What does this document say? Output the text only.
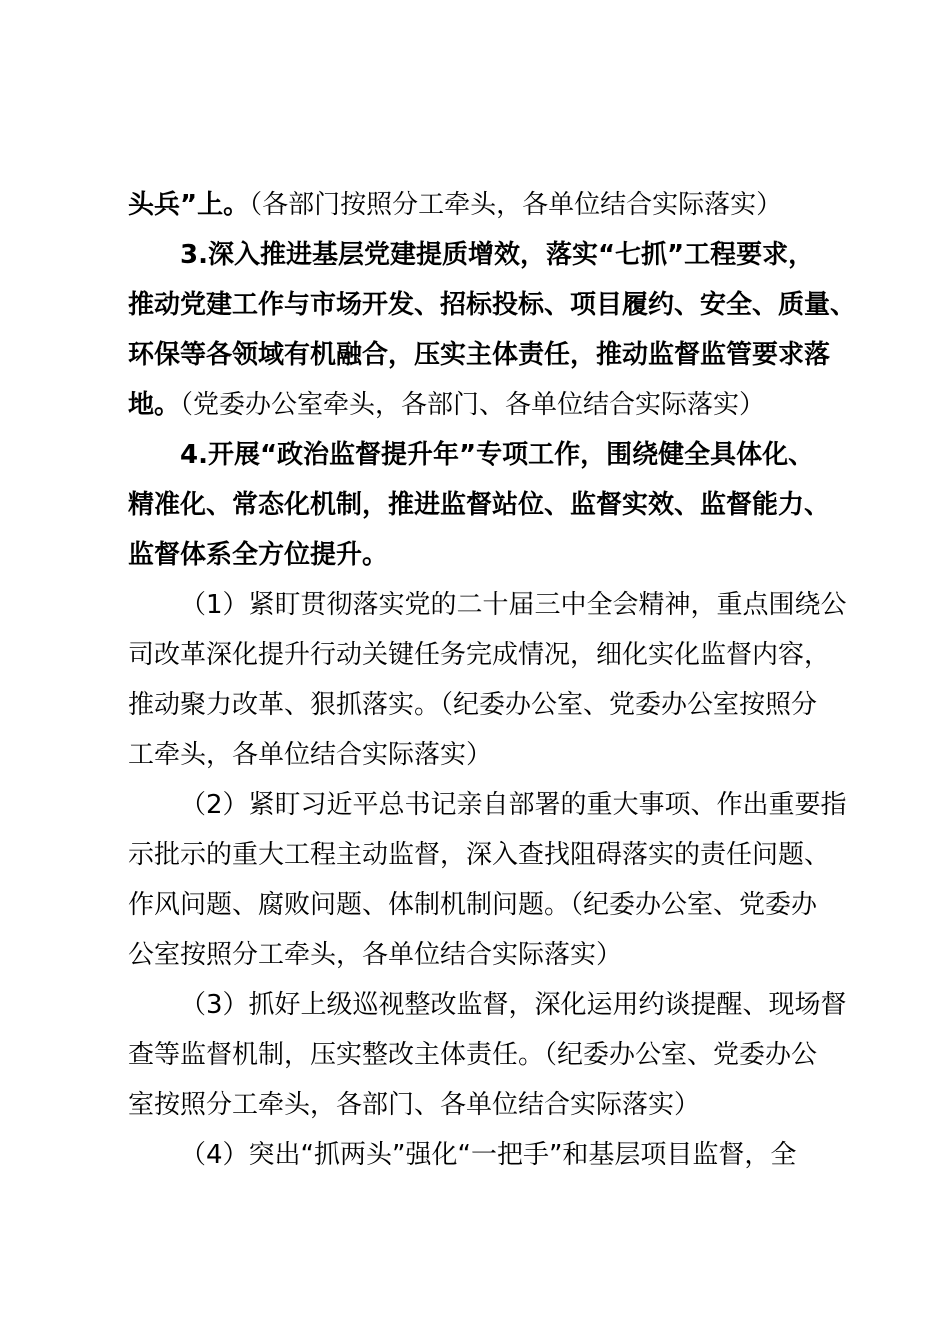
头兵”上。（各部门按照分工牵头，各单位结合实际落实）
3.深入推进基层党建提质增效，落实“七抓”工程要求，
推动党建工作与市场开发、招标投标、项目履约、安全、质量、
环保等各领域有机融合，压实主体责任，推动监督监管要求落
地。（党委办公室牵头，各部门、各单位结合实际落实）
4.开展“政治监督提升年”专项工作，围绕健全具体化、
精准化、常态化机制，推进监督站位、监督实效、监督能力、
监督体系全方位提升。
（1）紧盯贯彻落实党的二十届三中全会精神，重点围绕公
司改革深化提升行动关键任务完成情况，细化实化监督内容，
推动聚力改革、狠抓落实。（纪委办公室、党委办公室按照分
工牵头，各单位结合实际落实）
（2）紧盯习近平总书记亲自部署的重大事项、作出重要指
示批示的重大工程主动监督，深入查找阻碍落实的责任问题、
作风问题、腐败问题、体制机制问题。（纪委办公室、党委办
公室按照分工牵头，各单位结合实际落实）
（3）抓好上级巡视整改监督，深化运用约谈提醒、现场督
查等监督机制，压实整改主体责任。（纪委办公室、党委办公
室按照分工牵头，各部门、各单位结合实际落实）
（4）突出“抓两头”强化“一把手”和基层项目监督，全
